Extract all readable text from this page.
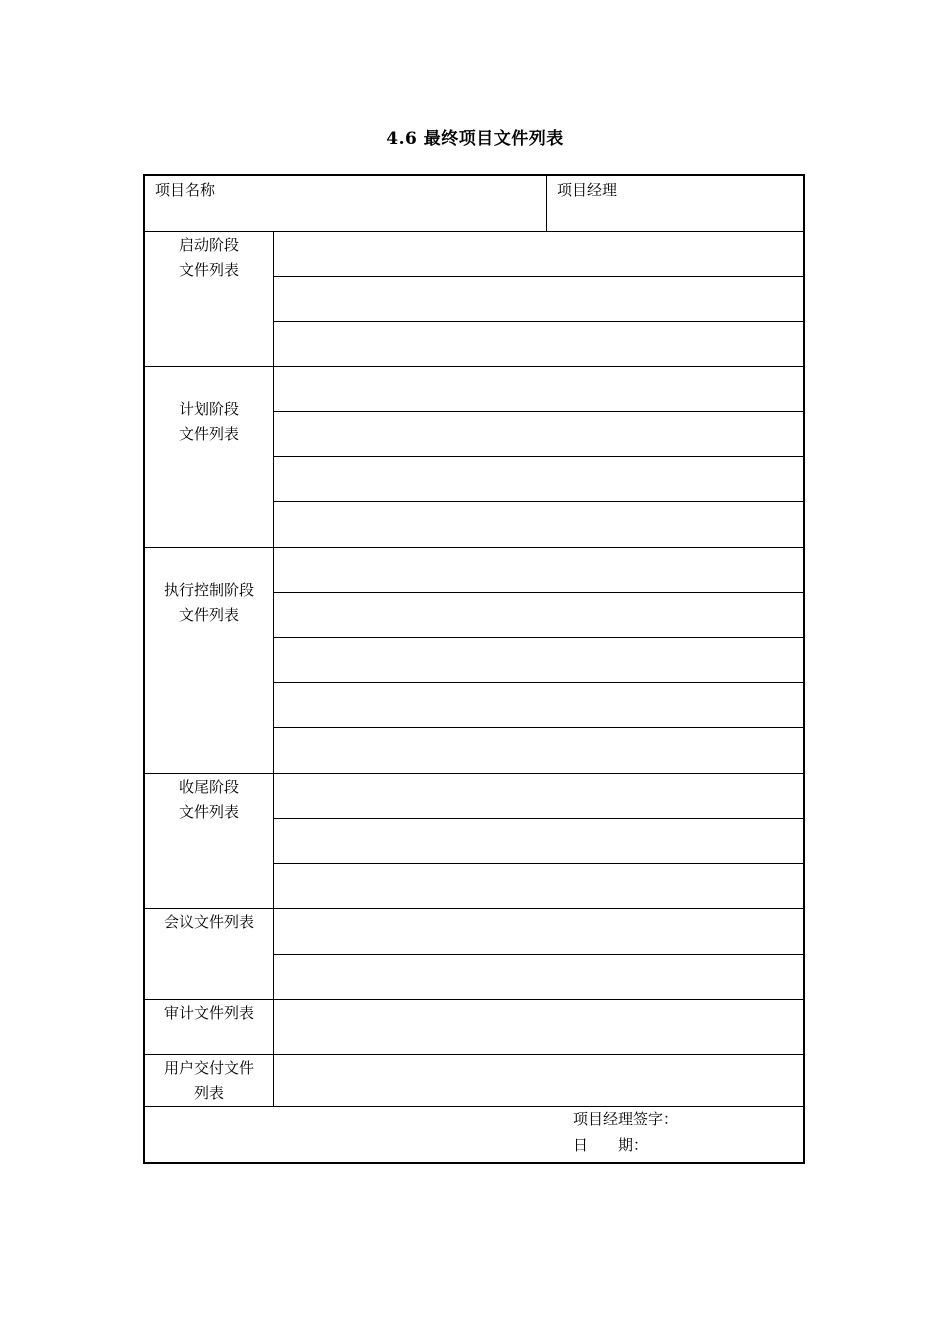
4.6 最终项目文件列表
项目名称	项目经理
启动阶段
文件列表
计划阶段
文件列表
执行控制阶段
文件列表
收尾阶段
文件列表
会议文件列表
审计文件列表
用户交付文件
列表
项目经理签字：
日　　期：
